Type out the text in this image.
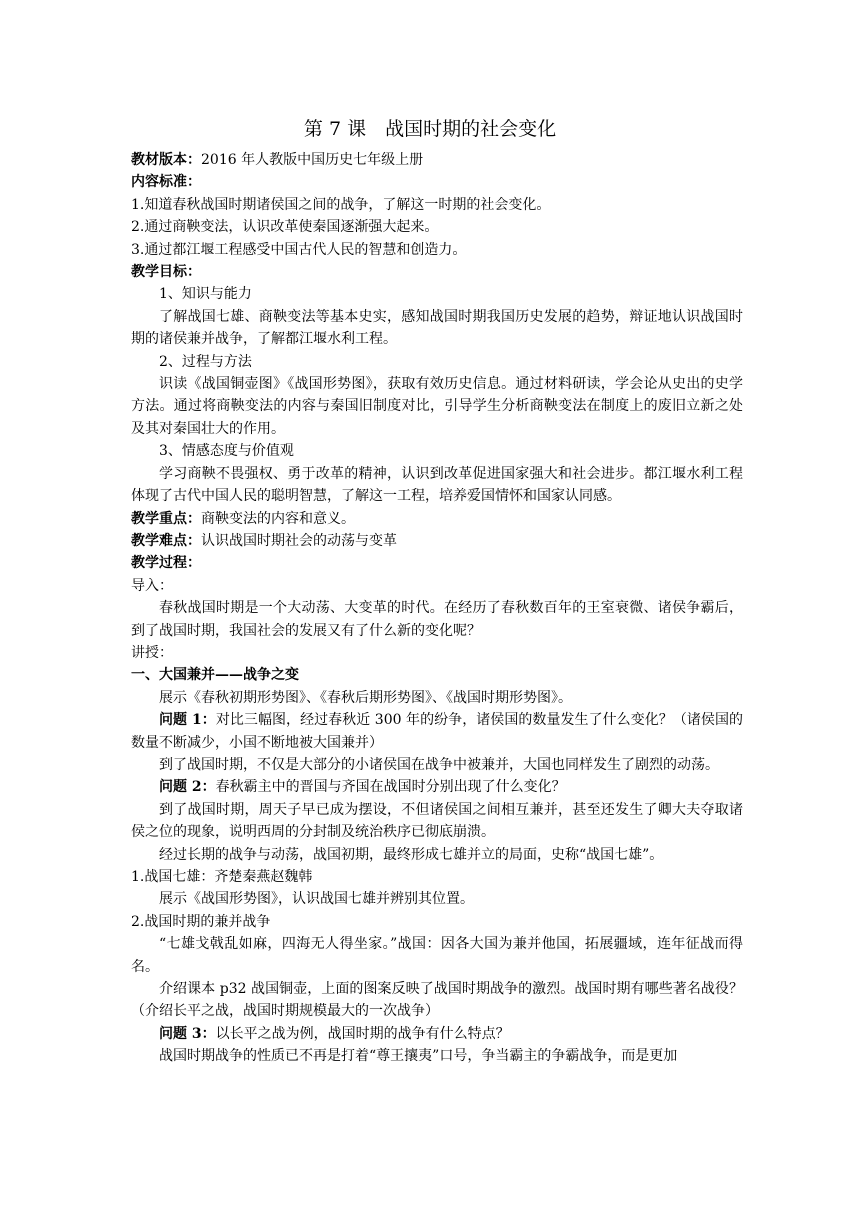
第 7 课　战国时期的社会变化

教材版本：2016 年人教版中国历史七年级上册

内容标准：

1.知道春秋战国时期诸侯国之间的战争，了解这一时期的社会变化。

2.通过商鞅变法，认识改革使秦国逐渐强大起来。

3.通过都江堰工程感受中国古代人民的智慧和创造力。

教学目标：

1、知识与能力

了解战国七雄、商鞅变法等基本史实，感知战国时期我国历史发展的趋势，辩证地认识战国时期的诸侯兼并战争，了解都江堰水利工程。

2、过程与方法

识读《战国铜壶图》《战国形势图》，获取有效历史信息。通过材料研读，学会论从史出的史学方法。通过将商鞅变法的内容与秦国旧制度对比，引导学生分析商鞅变法在制度上的废旧立新之处及其对秦国壮大的作用。

3、情感态度与价值观

学习商鞅不畏强权、勇于改革的精神，认识到改革促进国家强大和社会进步。都江堰水利工程体现了古代中国人民的聪明智慧，了解这一工程，培养爱国情怀和国家认同感。

教学重点：商鞅变法的内容和意义。

教学难点：认识战国时期社会的动荡与变革

教学过程：

导入：

春秋战国时期是一个大动荡、大变革的时代。在经历了春秋数百年的王室衰微、诸侯争霸后，到了战国时期，我国社会的发展又有了什么新的变化呢？

讲授：

一、大国兼并——战争之变

展示《春秋初期形势图》、《春秋后期形势图》、《战国时期形势图》。

问题 1：对比三幅图，经过春秋近 300 年的纷争，诸侯国的数量发生了什么变化？（诸侯国的数量不断减少，小国不断地被大国兼并）

到了战国时期，不仅是大部分的小诸侯国在战争中被兼并，大国也同样发生了剧烈的动荡。

问题 2：春秋霸主中的晋国与齐国在战国时分别出现了什么变化？

到了战国时期，周天子早已成为摆设，不但诸侯国之间相互兼并，甚至还发生了卿大夫夺取诸侯之位的现象，说明西周的分封制及统治秩序已彻底崩溃。

经过长期的战争与动荡，战国初期，最终形成七雄并立的局面，史称“战国七雄”。

1.战国七雄：齐楚秦燕赵魏韩

展示《战国形势图》，认识战国七雄并辨别其位置。

2.战国时期的兼并战争

“七雄戈戟乱如麻，四海无人得坐家。”战国：因各大国为兼并他国，拓展疆域，连年征战而得名。

介绍课本 p32 战国铜壶，上面的图案反映了战国时期战争的激烈。战国时期有哪些著名战役？（介绍长平之战，战国时期规模最大的一次战争）

问题 3：以长平之战为例，战国时期的战争有什么特点？

战国时期战争的性质已不再是打着“尊王攘夷”口号，争当霸主的争霸战争，而是更加
